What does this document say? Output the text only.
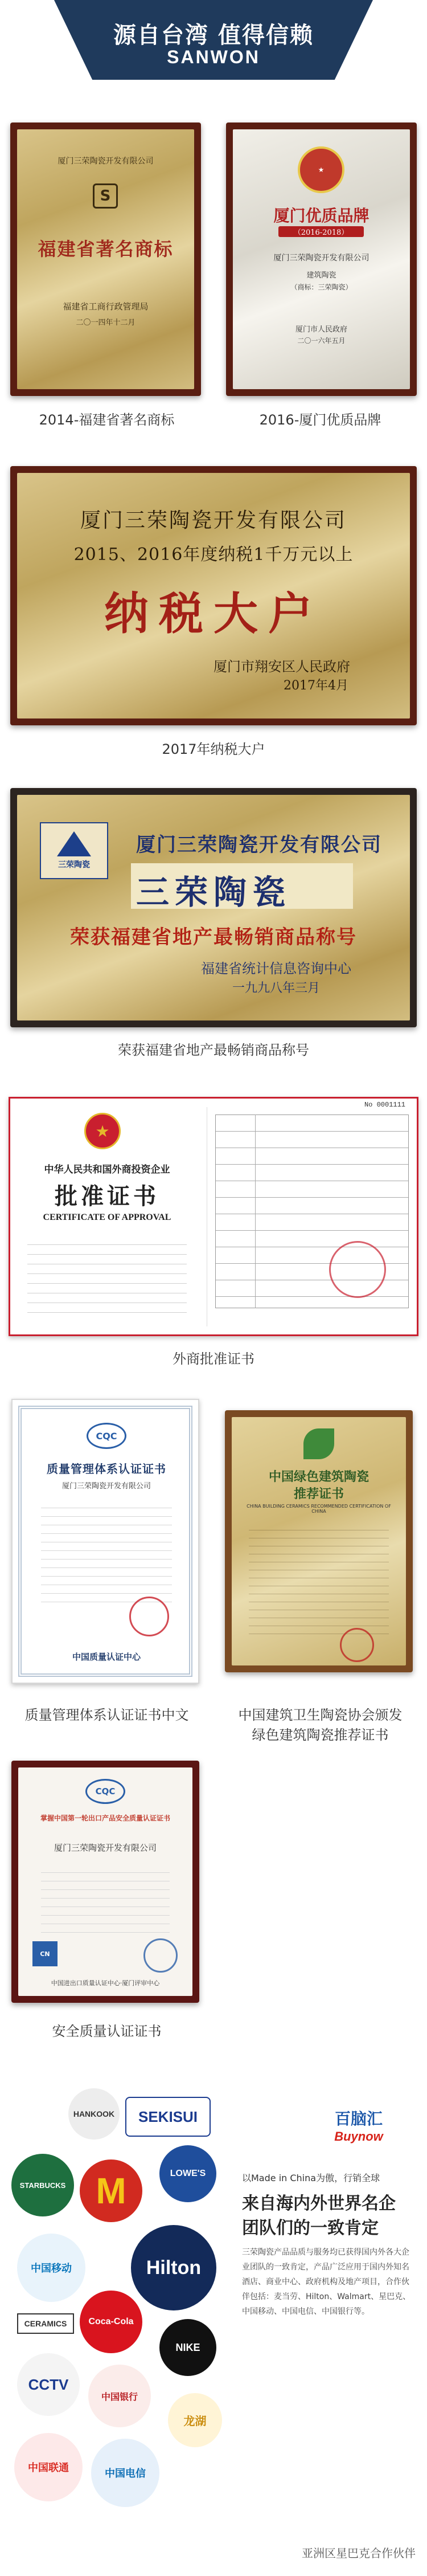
源自台湾 值得信赖
SANWON
厦门三荣陶瓷开发有限公司
S
福建省著名商标
福建省工商行政管理局
二〇一四年十二月
2014-福建省著名商标
★
厦门优质品牌
（2016-2018）
厦门三荣陶瓷开发有限公司
建筑陶瓷
（商标：三荣陶瓷）
厦门市人民政府
二〇一六年五月
2016-厦门优质品牌
厦门三荣陶瓷开发有限公司
2015、2016年度纳税1千万元以上
纳税大户
厦门市翔安区人民政府
2017年4月
2017年纳税大户
三荣陶瓷
厦门三荣陶瓷开发有限公司
三荣陶瓷
荣获福建省地产最畅销商品称号
福建省统计信息咨询中心
一九九八年三月
荣获福建省地产最畅销商品称号
★
中华人民共和国外商投资企业
批准证书
CERTIFICATE OF APPROVAL
No 0001111
外商批准证书
CQC
质量管理体系认证证书
厦门三荣陶瓷开发有限公司
中国质量认证中心
质量管理体系认证证书中文
中国绿色建筑陶瓷
推荐证书
CHINA BUILDING CERAMICS RECOMMENDED CERTIFICATION OF CHINA
中国建筑卫生陶瓷协会颁发
绿色建筑陶瓷推荐证书
CQC
掌握中国第一轮出口产品安全质量认证证书
厦门三荣陶瓷开发有限公司
CN
中国进出口质量认证中心·厦门评审中心
安全质量认证证书
SEKISUI
HANKOOK
STARBUCKS
LOWE'S
M
Hilton
中国移动
Coca-Cola
NIKE
CERAMICS
CCTV
中国银行
中国联通	中国电信
龙湖
百脑汇
Buynow
以Made in China为傲，行销全球
来自海内外世界名企
团队们的一致肯定
三荣陶瓷产品品质与服务均已获得国内外各大企业团队的一致肯定，产品广泛应用于国内外知名酒店、商业中心、政府机构及地产项目，合作伙伴包括：麦当劳、Hilton、Walmart、星巴克、中国移动、中国电信、中国银行等。
亚洲区星巴克合作伙伴
